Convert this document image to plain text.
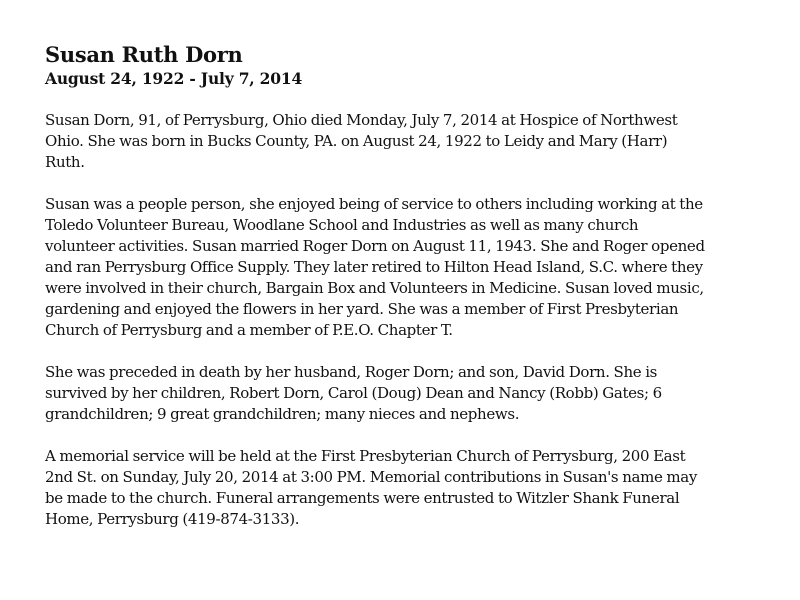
Susan Ruth Dorn
August 24, 1922 - July 7, 2014

Susan Dorn, 91, of Perrysburg, Ohio died Monday, July 7, 2014 at Hospice of Northwest
Ohio. She was born in Bucks County, PA. on August 24, 1922 to Leidy and Mary (Harr)
Ruth.

Susan was a people person, she enjoyed being of service to others including working at the
Toledo Volunteer Bureau, Woodlane School and Industries as well as many church
volunteer activities. Susan married Roger Dorn on August 11, 1943. She and Roger opened
and ran Perrysburg Office Supply. They later retired to Hilton Head Island, S.C. where they
were involved in their church, Bargain Box and Volunteers in Medicine. Susan loved music,
gardening and enjoyed the flowers in her yard. She was a member of First Presbyterian
Church of Perrysburg and a member of P.E.O. Chapter T.

She was preceded in death by her husband, Roger Dorn; and son, David Dorn. She is
survived by her children, Robert Dorn, Carol (Doug) Dean and Nancy (Robb) Gates; 6
grandchildren; 9 great grandchildren; many nieces and nephews.

A memorial service will be held at the First Presbyterian Church of Perrysburg, 200 East
2nd St. on Sunday, July 20, 2014 at 3:00 PM. Memorial contributions in Susan's name may
be made to the church. Funeral arrangements were entrusted to Witzler Shank Funeral
Home, Perrysburg (419-874-3133).
